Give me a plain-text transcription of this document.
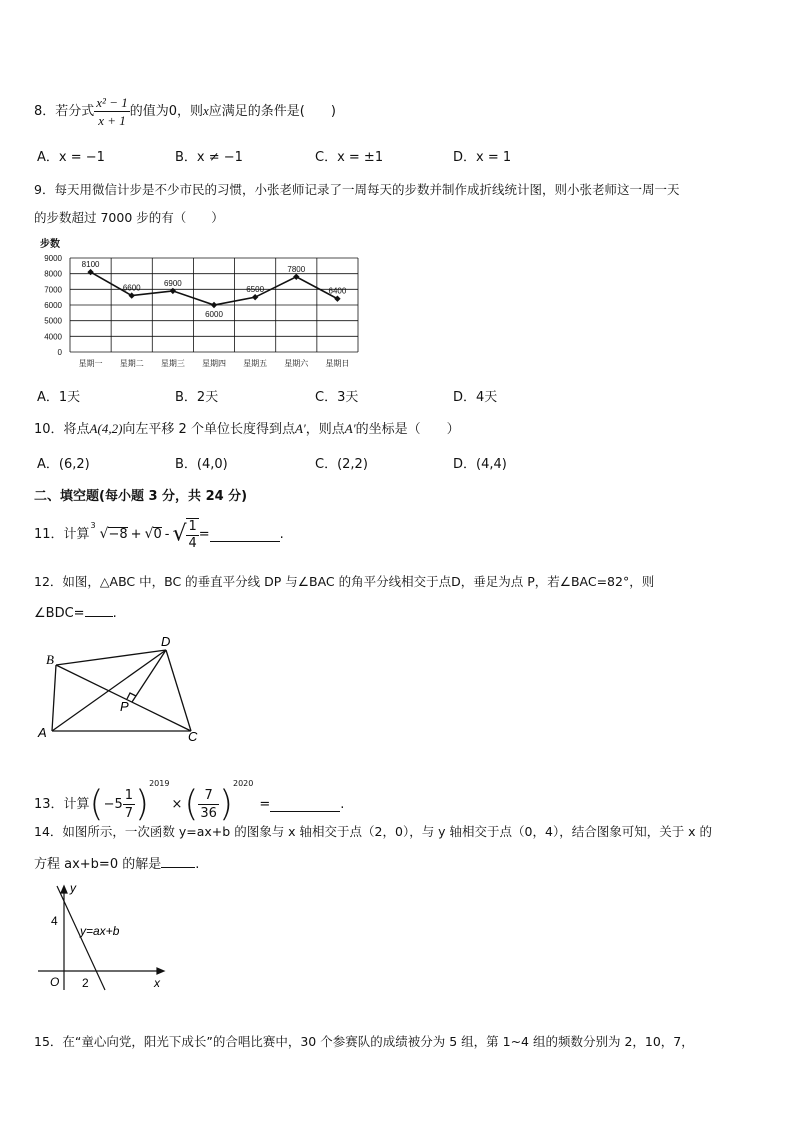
8．若分式 $\frac{\text{x² − 1}}{x + 1}$ 的值为0，则x应满足的条件是(　　)
A．x = −1	B．x ≠ −1	C．x = ±1	D．x = 1
9．每天用微信计步是不少市民的习惯，小张老师记录了一周每天的步数并制作成折线统计图，则小张老师这一周一天
的步数超过 7000 步的有（　　）
步数
0
4000
5000
6000
7000
8000
9000
星期一 星期二 星期三 星期四 星期五 星期六 星期日
8100
6600
6900
6000
6500
7800
6400
A．1天	B．2天	C．3天	D．4天
10．将点A(4,2)向左平移 2 个单位长度得到点A′，则点A′的坐标是（　　）
A．(6,2)	B．(4,0)	C．(2,2)	D．(4,4)
二、填空题(每小题 3 分，共 24 分)
11．计算
3
√−8 + √0 - √ $\frac{1}{4}$ =	.
12．如图，△ABC 中，BC 的垂直平分线 DP 与∠BAC 的角平分线相交于点D，垂足为点 P，若∠BAC=82°，则
∠BDC= .
B
D
P
A	C
13．计算$(-5 \frac{1}{7} )^{2019}\times( \frac{7}{36} )^{2020}=$	.
14．如图所示，一次函数 y=ax+b 的图象与 x 轴相交于点（2，0），与 y 轴相交于点（0，4），结合图象可知，关于 x 的
方程 ax+b=0 的解是	.
y
x
O
4
2
y=ax+b
15．在“童心向党，阳光下成长”的合唱比赛中，30 个参赛队的成绩被分为 5 组，第 1~4 组的频数分别为 2，10，7，
